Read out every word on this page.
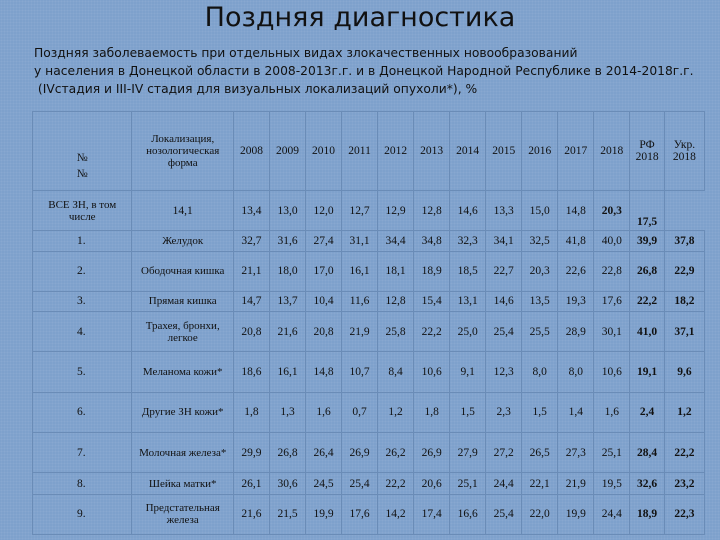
Поздняя диагностика
Поздняя заболеваемость при отдельных видах злокачественных новообразований
у населения в Донецкой области в 2008-2013г.г. и в Донецкой Народной Республике в 2014-2018г.г.
(IVстадия и III-IV стадия для визуальных локализаций опухоли*), %
№ №	Локализация, нозологическая форма	2008	2009	2010	2011	2012	2013	2014	2015	2016	2017	2018	РФ 2018	Укр. 2018
ВСЕ ЗН, в том числе	14,1	13,4	13,0	12,0	12,7	12,9	12,8	14,6	13,3	15,0	14,8	20,3	17,5	
1.	Желудок	32,7	31,6	27,4	31,1	34,4	34,8	32,3	34,1	32,5	41,8	40,0	39,9	37,8
2.	Ободочная кишка	21,1	18,0	17,0	16,1	18,1	18,9	18,5	22,7	20,3	22,6	22,8	26,8	22,9
3.	Прямая кишка	14,7	13,7	10,4	11,6	12,8	15,4	13,1	14,6	13,5	19,3	17,6	22,2	18,2
4.	Трахея, бронхи, легкое	20,8	21,6	20,8	21,9	25,8	22,2	25,0	25,4	25,5	28,9	30,1	41,0	37,1
5.	Меланома кожи*	18,6	16,1	14,8	10,7	8,4	10,6	9,1	12,3	8,0	8,0	10,6	19,1	9,6
6.	Другие ЗН кожи*	1,8	1,3	1,6	0,7	1,2	1,8	1,5	2,3	1,5	1,4	1,6	2,4	1,2
7.	Молочная железа*	29,9	26,8	26,4	26,9	26,2	26,9	27,9	27,2	26,5	27,3	25,1	28,4	22,2
8.	Шейка матки*	26,1	30,6	24,5	25,4	22,2	20,6	25,1	24,4	22,1	21,9	19,5	32,6	23,2
9.	Предстательная железа	21,6	21,5	19,9	17,6	14,2	17,4	16,6	25,4	22,0	19,9	24,4	18,9	22,3
